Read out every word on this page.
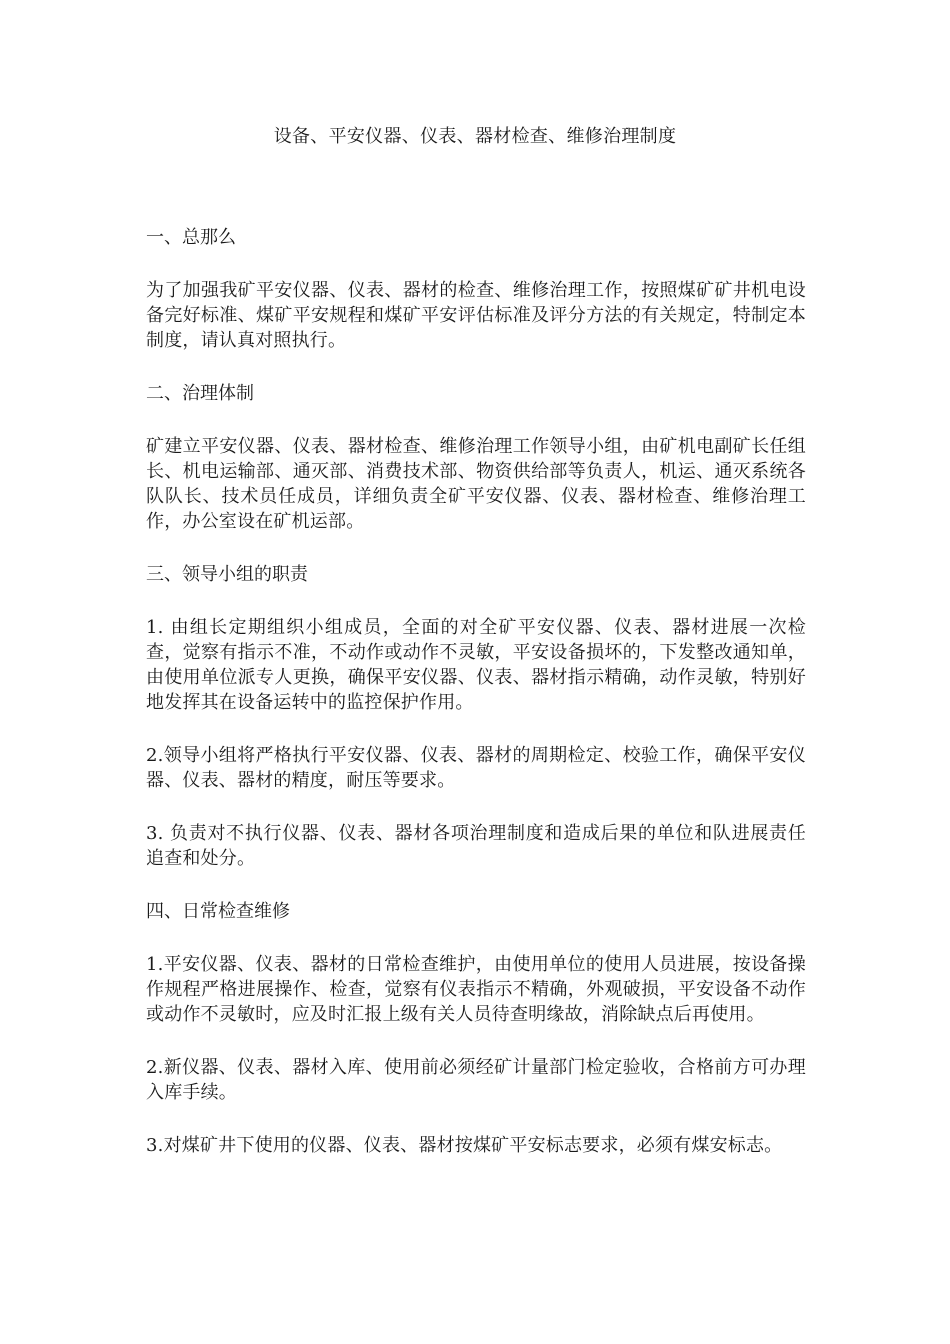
设备、平安仪器、仪表、器材检查、维修治理制度
一、总那么
为了加强我矿平安仪器、仪表、器材的检查、维修治理工作，按照煤矿矿井机电设备完好标准、煤矿平安规程和煤矿平安评估标准及评分方法的有关规定，特制定本制度，请认真对照执行。
二、治理体制
矿建立平安仪器、仪表、器材检查、维修治理工作领导小组，由矿机电副矿长任组长、机电运输部、通灭部、消费技术部、物资供给部等负责人，机运、通灭系统各队队长、技术员任成员，详细负责全矿平安仪器、仪表、器材检查、维修治理工作，办公室设在矿机运部。
三、领导小组的职责
1. 由组长定期组织小组成员，全面的对全矿平安仪器、仪表、器材进展一次检查，觉察有指示不准，不动作或动作不灵敏，平安设备损坏的，下发整改通知单，由使用单位派专人更换，确保平安仪器、仪表、器材指示精确，动作灵敏，特别好地发挥其在设备运转中的监控保护作用。
2.领导小组将严格执行平安仪器、仪表、器材的周期检定、校验工作，确保平安仪器、仪表、器材的精度，耐压等要求。
3. 负责对不执行仪器、仪表、器材各项治理制度和造成后果的单位和队进展责任追查和处分。
四、日常检查维修
1.平安仪器、仪表、器材的日常检查维护，由使用单位的使用人员进展，按设备操作规程严格进展操作、检查，觉察有仪表指示不精确，外观破损，平安设备不动作或动作不灵敏时，应及时汇报上级有关人员待查明缘故，消除缺点后再使用。
2.新仪器、仪表、器材入库、使用前必须经矿计量部门检定验收，合格前方可办理入库手续。
3.对煤矿井下使用的仪器、仪表、器材按煤矿平安标志要求，必须有煤安标志。
